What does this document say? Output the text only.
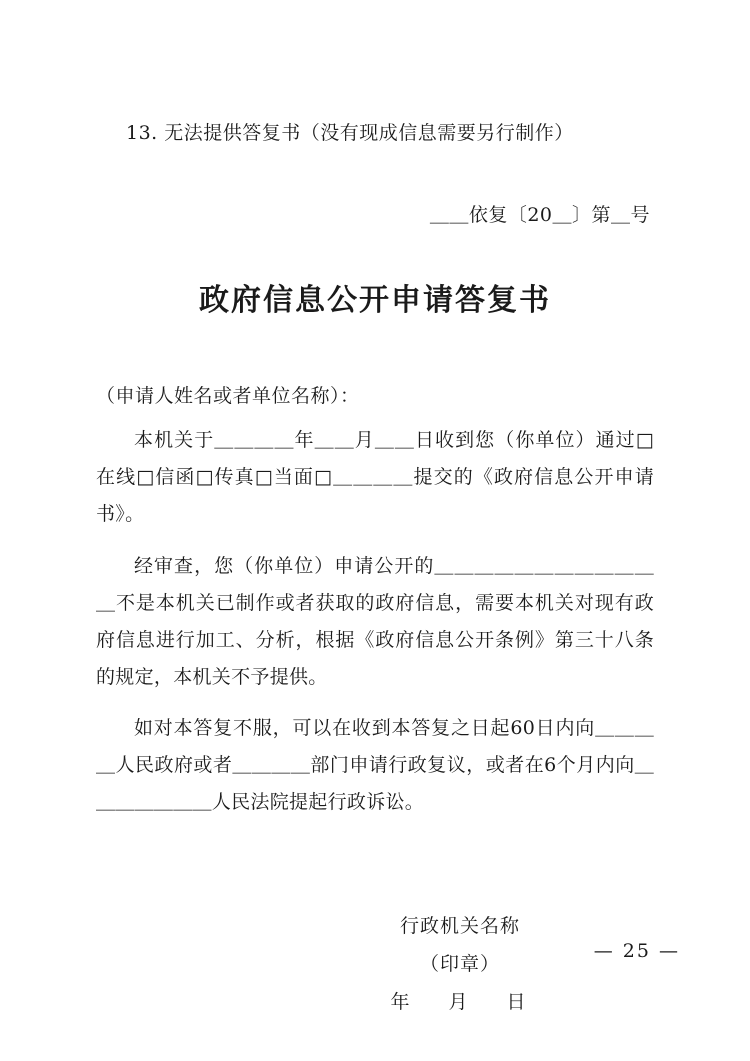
13. 无法提供答复书（没有现成信息需要另行制作）
＿＿依复〔20＿〕第＿号
政府信息公开申请答复书
（申请人姓名或者单位名称）：
本机关于＿＿＿＿年＿＿月＿＿日收到您（你单位）通过□在线□信函□传真□当面□＿＿＿＿提交的《政府信息公开申请书》。
经审查，您（你单位）申请公开的＿＿＿＿＿＿＿＿＿＿＿＿不是本机关已制作或者获取的政府信息，需要本机关对现有政府信息进行加工、分析，根据《政府信息公开条例》第三十八条的规定，本机关不予提供。
如对本答复不服，可以在收到本答复之日起60日内向＿＿＿＿人民政府或者＿＿＿＿部门申请行政复议，或者在6个月内向＿＿＿＿＿＿＿人民法院提起行政诉讼。
行政机关名称
（印章）
年　月　日
— 25 —
